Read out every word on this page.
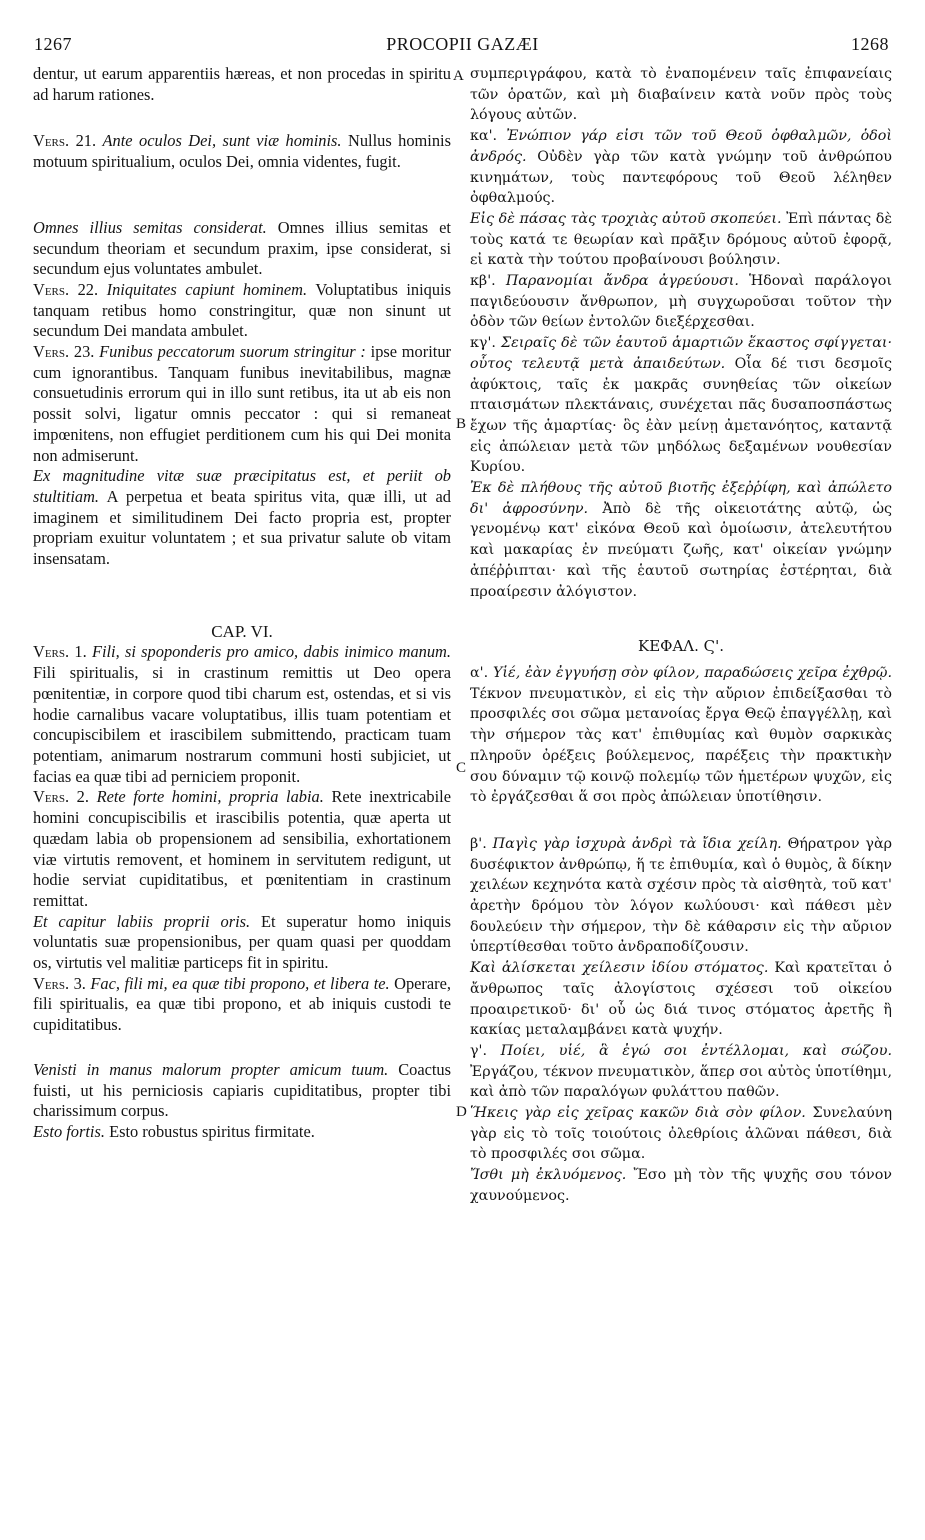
1267	PROCOPII GAZÆI	1268
A
B
C
D

dentur, ut earum apparentiis hæreas, et non procedas in spiritu ad harum rationes.

Vers. 21. Ante oculos Dei, sunt viæ hominis. Nullus hominis motuum spiritualium, oculos Dei, omnia videntes, fugit.

Omnes illius semitas considerat. Omnes illius semitas et secundum theoriam et secundum praxim, ipse considerat, si secundum ejus voluntates ambulet.

Vers. 22. Iniquitates capiunt hominem. Voluptatibus iniquis tanquam retibus homo constringitur, quæ non sinunt ut secundum Dei mandata ambulet.

Vers. 23. Funibus peccatorum suorum stringitur : ipse moritur cum ignorantibus. Tanquam funibus inevitabilibus, magnæ consuetudinis errorum qui in illo sunt retibus, ita ut ab eis non possit solvi, ligatur omnis peccator : qui si remaneat impœnitens, non effugiet perditionem cum his qui Dei monita non admiserunt.

Ex magnitudine vitæ suæ præcipitatus est, et periit ob stultitiam. A perpetua et beata spiritus vita, quæ illi, ut ad imaginem et similitudinem Dei facto propria est, propter propriam exuitur voluntatem ; et sua privatur salute ob vitam insensatam.

CAP. VI.

Vers. 1. Fili, si spoponderis pro amico, dabis inimico manum. Fili spiritualis, si in crastinum remittis ut Deo opera pœnitentiæ, in corpore quod tibi charum est, ostendas, et si vis hodie carnalibus vacare voluptatibus, illis tuam potentiam et concupiscibilem et irascibilem submittendo, practicam tuam potentiam, animarum nostrarum communi hosti subjiciet, ut facias ea quæ tibi ad perniciem proponit.

Vers. 2. Rete forte homini, propria labia. Rete inextricabile homini concupiscibilis et irascibilis potentia, quæ aperta ut quædam labia ob propensionem ad sensibilia, exhortationem viæ virtutis removent, et hominem in servitutem redigunt, ut hodie serviat cupiditatibus, et pœnitentiam in crastinum remittat.

Et capitur labiis proprii oris. Et superatur homo iniquis voluntatis suæ propensionibus, per quam quasi per quoddam os, virtutis vel malitiæ particeps fit in spiritu.

Vers. 3. Fac, fili mi, ea quæ tibi propono, et libera te. Operare, fili spiritualis, ea quæ tibi propono, et ab iniquis custodi te cupiditatibus.

Venisti in manus malorum propter amicum tuum. Coactus fuisti, ut his perniciosis capiaris cupiditatibus, propter tibi charissimum corpus.

Esto fortis. Esto robustus spiritus firmitate.

συμπεριγράφου, κατὰ τὸ ἐναπομένειν ταῖς ἐπιφανείαις τῶν ὁρατῶν, καὶ μὴ διαβαίνειν κατὰ νοῦν πρὸς τοὺς λόγους αὐτῶν.

κα'. Ἐνώπιον γάρ εἰσι τῶν τοῦ Θεοῦ ὀφθαλμῶν, ὁδοὶ ἀνδρός. Οὐδὲν γὰρ τῶν κατὰ γνώμην τοῦ ἀνθρώπου κινημάτων, τοὺς παντεφόρους τοῦ Θεοῦ λέληθεν ὀφθαλμούς.

Εἰς δὲ πάσας τὰς τροχιὰς αὐτοῦ σκοπεύει. Ἐπὶ πάντας δὲ τοὺς κατά τε θεωρίαν καὶ πρᾶξιν δρόμους αὐτοῦ ἐφορᾷ, εἰ κατὰ τὴν τούτου προβαίνουσι βούλησιν.

κβ'. Παρανομίαι ἄνδρα ἀγρεύουσι. Ἡδοναὶ παράλογοι παγιδεύουσιν ἄνθρωπον, μὴ συγχωροῦσαι τοῦτον τὴν ὁδὸν τῶν θείων ἐντολῶν διεξέρχεσθαι.

κγ'. Σειραῖς δὲ τῶν ἑαυτοῦ ἁμαρτιῶν ἕκαστος σφίγγεται· οὗτος τελευτᾷ μετὰ ἀπαιδεύτων. Οἷα δέ τισι δεσμοῖς ἀφύκτοις, ταῖς ἐκ μακρᾶς συνηθείας τῶν οἰκείων πταισμάτων πλεκτάναις, συνέχεται πᾶς δυσαποσπάστως ἔχων τῆς ἁμαρτίας· ὃς ἐὰν μείνῃ ἀμετανόητος, καταντᾷ εἰς ἀπώλειαν μετὰ τῶν μηδόλως δεξαμένων νουθεσίαν Κυρίου.

Ἐκ δὲ πλήθους τῆς αὐτοῦ βιοτῆς ἐξεῤῥίφη, καὶ ἀπώλετο δι' ἀφροσύνην. Ἀπὸ δὲ τῆς οἰκειοτάτης αὐτῷ, ὡς γενομένῳ κατ' εἰκόνα Θεοῦ καὶ ὁμοίωσιν, ἀτελευτήτου καὶ μακαρίας ἐν πνεύματι ζωῆς, κατ' οἰκείαν γνώμην ἀπέῤῥιπται· καὶ τῆς ἑαυτοῦ σωτηρίας ἐστέρηται, διὰ προαίρεσιν ἀλόγιστον.

ΚΕΦΑΛ. Ϛ'.

α'. Υἱέ, ἐὰν ἐγγυήσῃ σὸν φίλον, παραδώσεις χεῖρα ἐχθρῷ. Τέκνον πνευματικὸν, εἰ εἰς τὴν αὔριον ἐπιδείξασθαι τὸ προσφιλές σοι σῶμα μετανοίας ἔργα Θεῷ ἐπαγγέλλῃ, καὶ τὴν σήμερον τὰς κατ' ἐπιθυμίας καὶ θυμὸν σαρκικὰς πληροῦν ὀρέξεις βούλεμενος, παρέξεις τὴν πρακτικὴν σου δύναμιν τῷ κοινῷ πολεμίῳ τῶν ἡμετέρων ψυχῶν, εἰς τὸ ἐργάζεσθαι ἅ σοι πρὸς ἀπώλειαν ὑποτίθησιν.

β'. Παγὶς γὰρ ἰσχυρὰ ἀνδρὶ τὰ ἴδια χείλη. Θήρατρον γὰρ δυσέφικτον ἀνθρώπῳ, ἥ τε ἐπιθυμία, καὶ ὁ θυμὸς, ἃ δίκην χειλέων κεχηνότα κατὰ σχέσιν πρὸς τὰ αἰσθητὰ, τοῦ κατ' ἀρετὴν δρόμου τὸν λόγον κωλύουσι· καὶ πάθεσι μὲν δουλεύειν τὴν σήμερον, τὴν δὲ κάθαρσιν εἰς τὴν αὔριον ὑπερτίθεσθαι τοῦτο ἀνδραποδίζουσιν.

Καὶ ἁλίσκεται χείλεσιν ἰδίου στόματος. Καὶ κρατεῖται ὁ ἄνθρωπος ταῖς ἀλογίστοις σχέσεσι τοῦ οἰκείου προαιρετικοῦ· δι' οὗ ὡς διά τινος στόματος ἀρετῆς ἢ κακίας μεταλαμβάνει κατὰ ψυχήν.

γ'. Ποίει, υἱέ, ἃ ἐγώ σοι ἐντέλλομαι, καὶ σώζου. Ἐργάζου, τέκνον πνευματικὸν, ἅπερ σοι αὐτὸς ὑποτίθημι, καὶ ἀπὸ τῶν παραλόγων φυλάττου παθῶν.

Ἥκεις γὰρ εἰς χεῖρας κακῶν διὰ σὸν φίλον. Συνελαύνη γὰρ εἰς τὸ τοῖς τοιούτοις ὀλεθρίοις ἁλῶναι πάθεσι, διὰ τὸ προσφιλές σοι σῶμα.

Ἴσθι μὴ ἐκλυόμενος. Ἔσο μὴ τὸν τῆς ψυχῆς σου τόνον χαυνούμενος.
